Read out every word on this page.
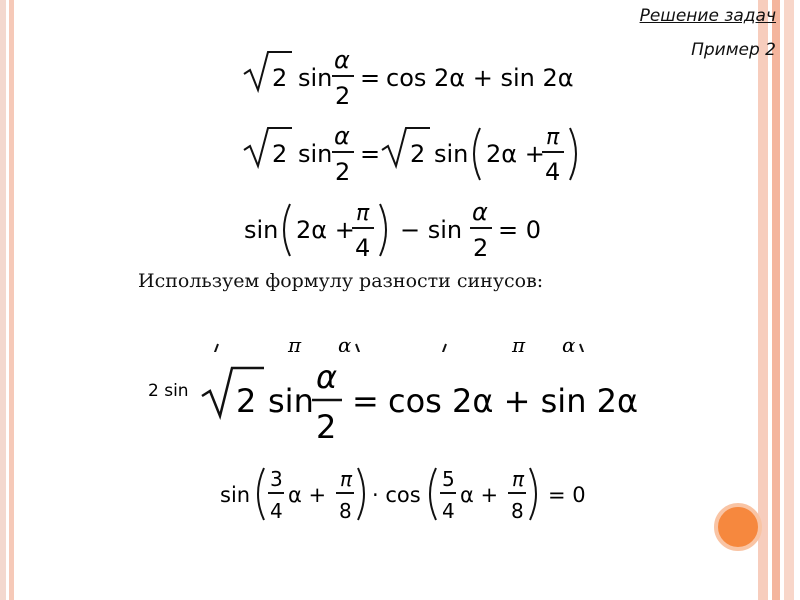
Решение задач
Пример 2
2 sin
α
2
= cos 2α + sin 2α
2 sin
α
2
= 2 sin 2α +
π
4
sin 2α +
π
4
− sin
α
2
= 0
Используем формулу разности синусов:
π α	π α
2 sin 2 sin
α
2
= cos 2α + sin 2α
sin
3
4
α +
π
8
· cos
5
4
α +
π
8
= 0
